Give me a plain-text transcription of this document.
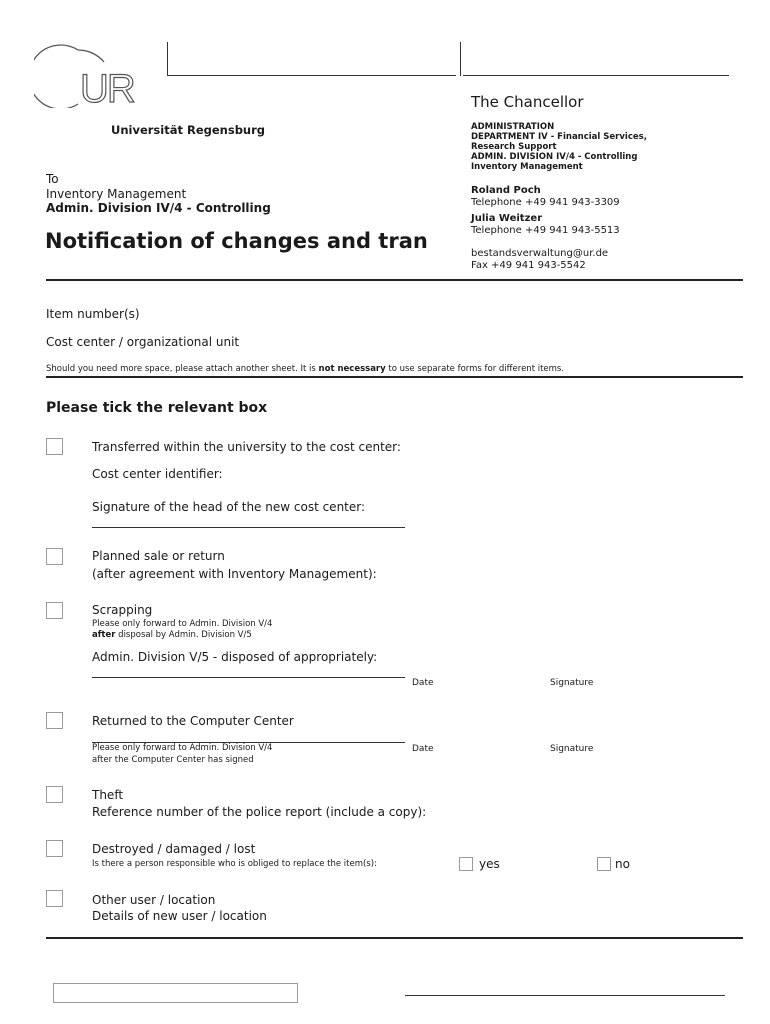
UR
Universität Regensburg
The Chancellor
ADMINISTRATION
DEPARTMENT IV - Financial Services,
Research Support
ADMIN. DIVISION IV/4 - Controlling
Inventory Management
Roland Poch
Telephone +49 941 943-3309
Julia Weitzer
Telephone +49 941 943-5513
bestandsverwaltung@ur.de
Fax +49 941 943-5542
To
Inventory Management
Admin. Division IV/4 - Controlling
Notification of changes and tran
Item number(s)
Cost center / organizational unit
Should you need more space, please attach another sheet. It is not necessary to use separate forms for different items.
Please tick the relevant box
Transferred within the university to the cost center:
Cost center identifier:
Signature of the head of the new cost center:
Planned sale or return
(after agreement with Inventory Management):
Scrapping
Please only forward to Admin. Division V/4
after disposal by Admin. Division V/5
Admin. Division V/5 - disposed of appropriately:
Date	Signature
Returned to the Computer Center
Please only forward to Admin. Division V/4
after the Computer Center has signed
Date	Signature
Theft
Reference number of the police report (include a copy):
Destroyed / damaged / lost
Is there a person responsible who is obliged to replace the item(s):	yes	no
Other user / location
Details of new user / location
